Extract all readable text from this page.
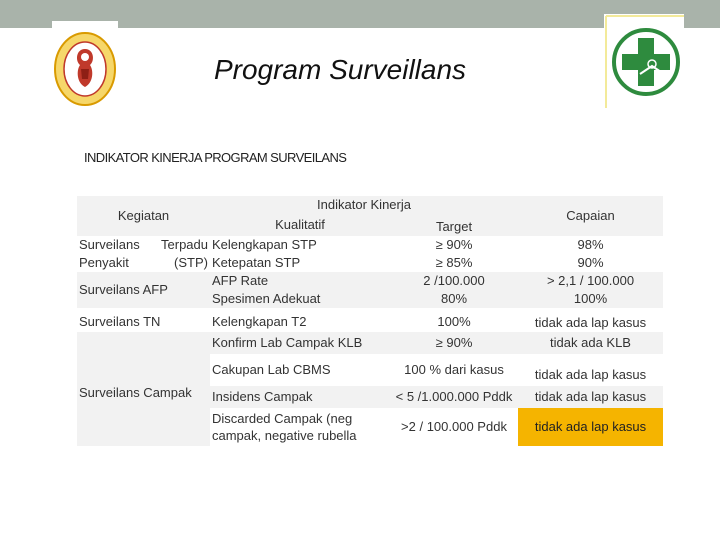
Program Surveillans
INDIKATOR KINERJA PROGRAM SURVEILANS
Kegiatan	Indikator Kinerja		Capaian
	Kualitatif	Target	

Surveilans Terpadu Penyakit (STP)	Kelengkapan STP	≥ 90%	98%
	Ketepatan STP	≥ 85%	90%
Surveilans AFP	AFP Rate	2 /100.000	> 2,1 / 100.000
	Spesimen Adekuat	80%	100%
Surveilans TN	Kelengkapan T2	100%	tidak ada lap kasus

Surveilans Campak	Konfirm Lab Campak KLB	≥ 90%	tidak ada KLB
	Cakupan Lab CBMS	100 % dari kasus	tidak ada lap kasus
	Insidens Campak	< 5 /1.000.000 Pddk	tidak ada lap kasus
	Discarded Campak (neg campak, negative rubella	>2 / 100.000 Pddk	tidak ada lap kasus
